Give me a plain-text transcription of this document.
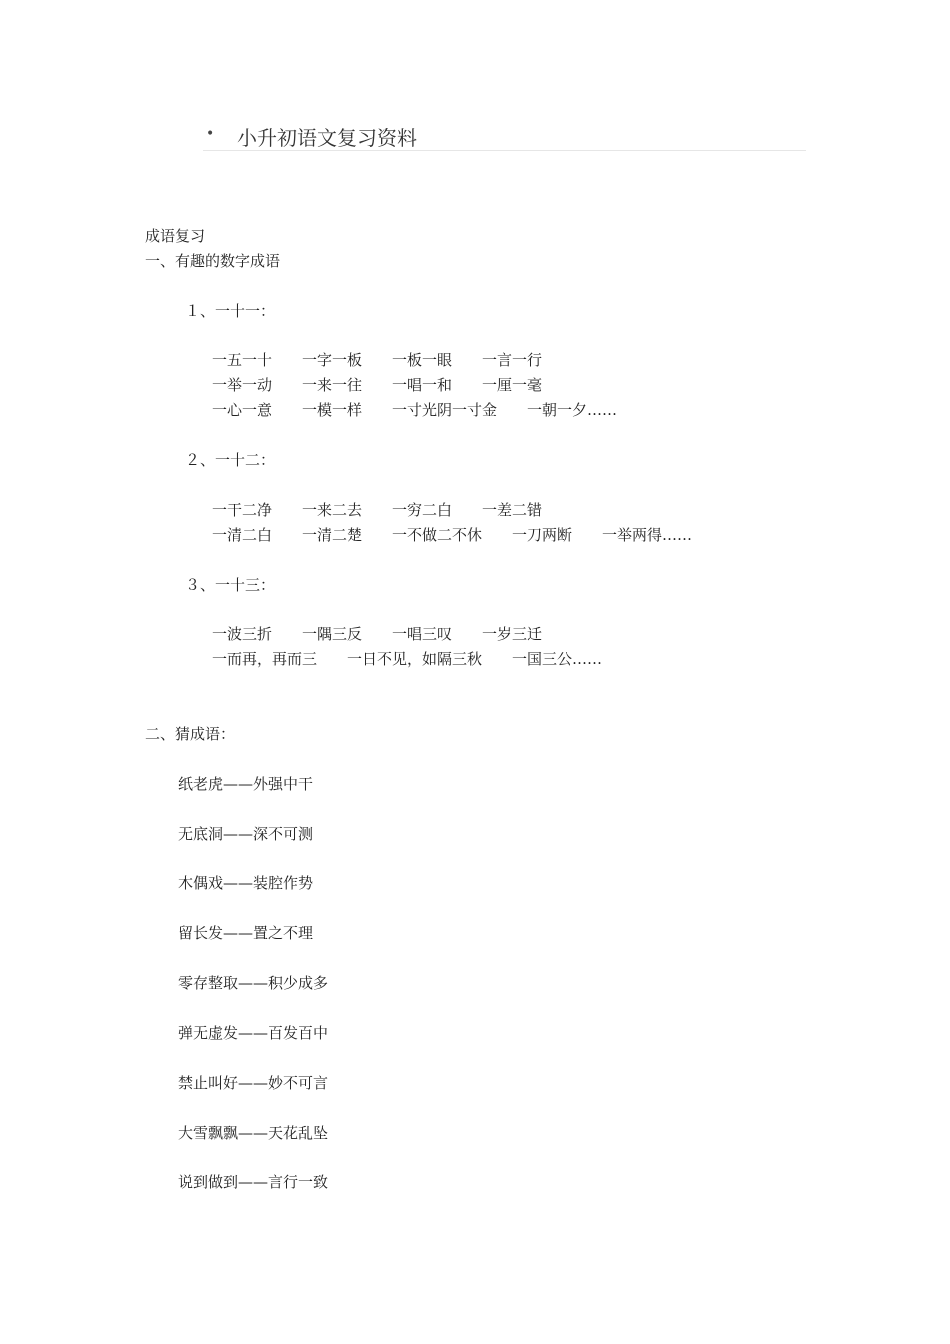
• 小升初语文复习资料
成语复习
一、有趣的数字成语
１、一十一：
一五一十　　一字一板　　一板一眼　　一言一行
一举一动　　一来一往　　一唱一和　　一厘一毫
一心一意　　一模一样　　一寸光阴一寸金　　一朝一夕……
２、一十二：
一干二净　　一来二去　　一穷二白　　一差二错
一清二白　　一清二楚　　一不做二不休　　一刀两断　　一举两得……
３、一十三：
一波三折　　一隅三反　　一唱三叹　　一岁三迁
一而再，再而三　　一日不见，如隔三秋　　一国三公……
二、猜成语：
纸老虎——外强中干
无底洞——深不可测
木偶戏——装腔作势
留长发——置之不理
零存整取——积少成多
弹无虚发——百发百中
禁止叫好——妙不可言
大雪飘飘——天花乱坠
说到做到——言行一致
